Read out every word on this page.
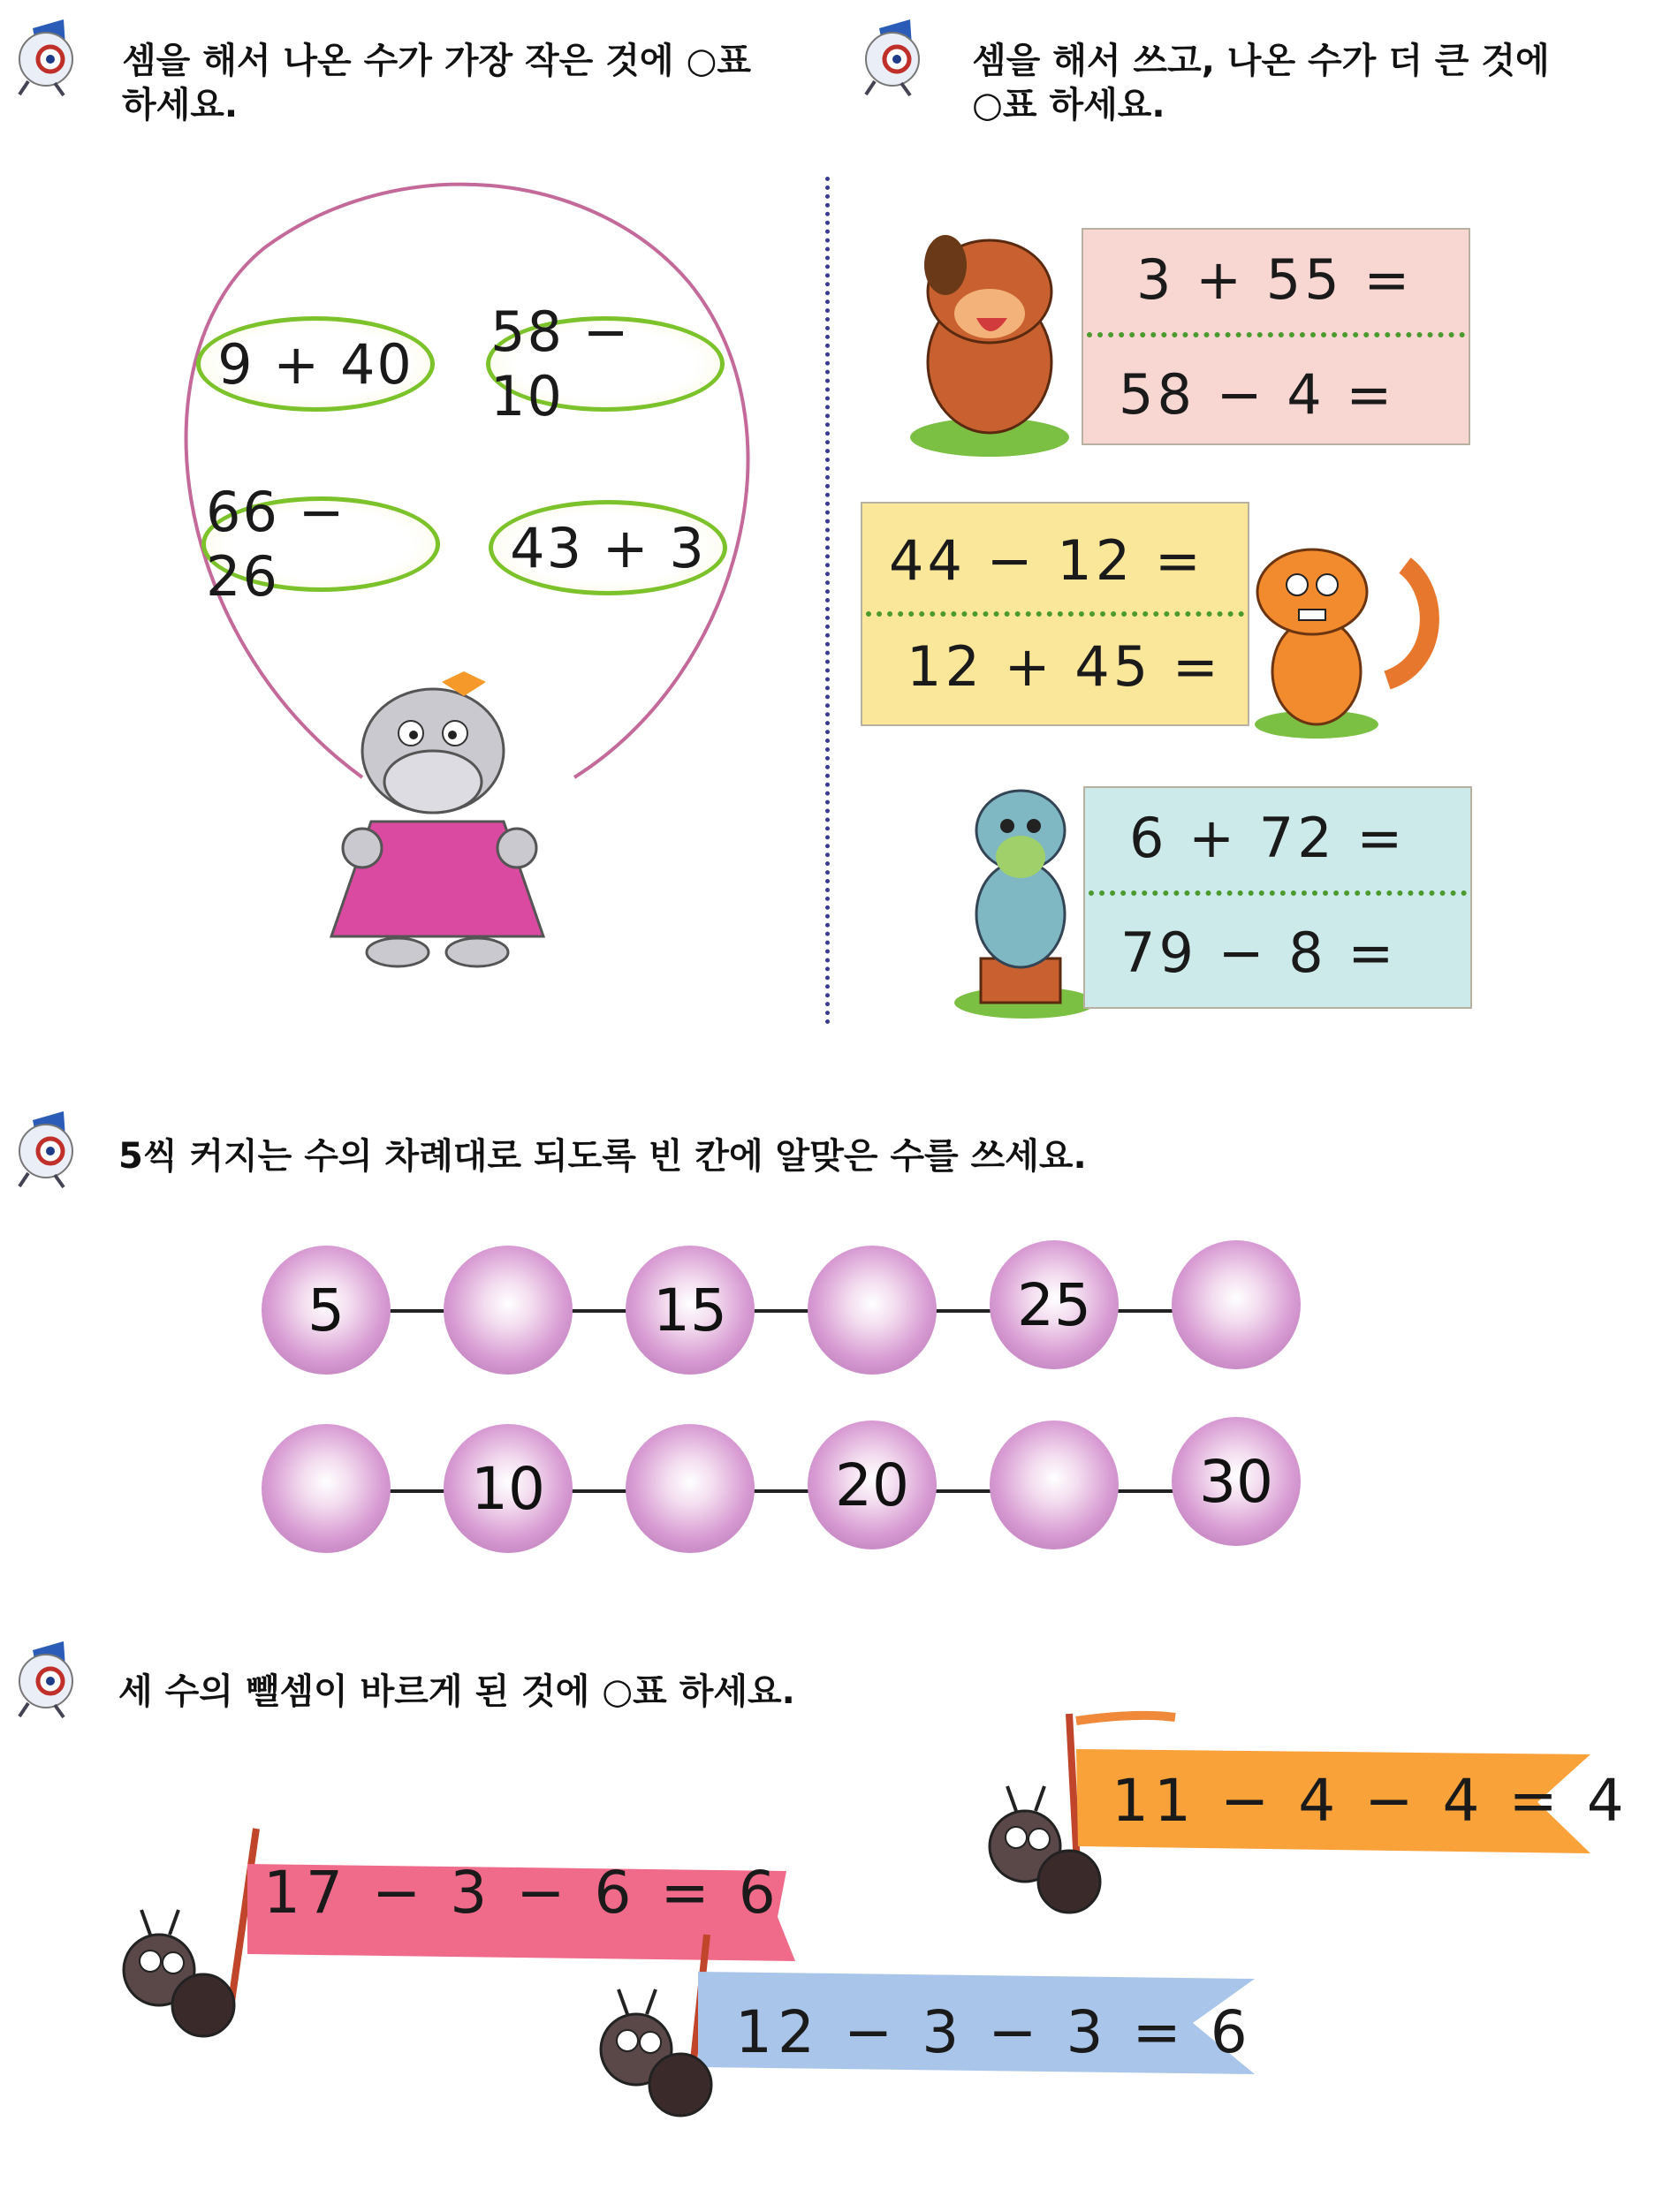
셈을 해서 나온 수가 가장 작은 것에 ○표 하세요.
9 + 40	58 − 10
66 − 26	43 + 3
셈을 해서 쓰고, 나온 수가 더 큰 것에 ○표 하세요.
3 + 55 =
58 − 4 =
44 − 12 =
12 + 45 =
6 + 72 =
79 − 8 =
5씩 커지는 수의 차례대로 되도록 빈 칸에 알맞은 수를 쓰세요.
5	15	25
10	20	30
세 수의 뺄셈이 바르게 된 것에 ○표 하세요.
11 − 4 − 4 = 4
17 − 3 − 6 = 6
12 − 3 − 3 = 6
